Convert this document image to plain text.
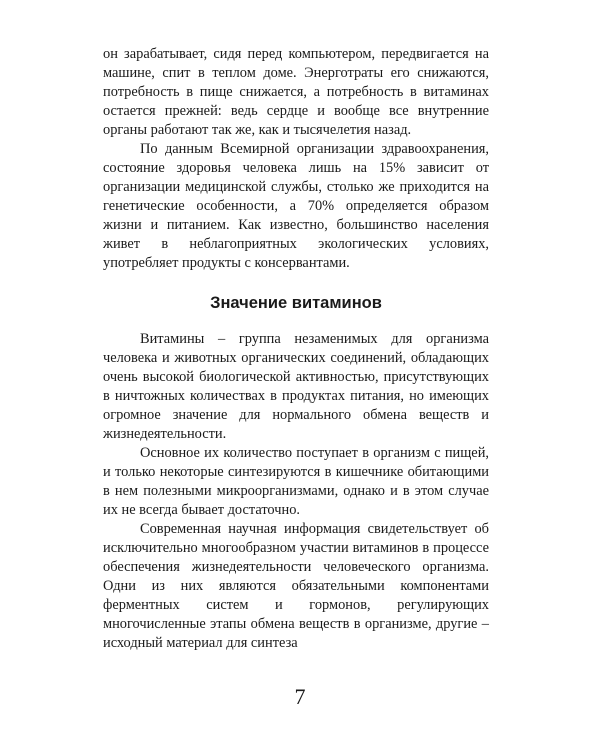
он зарабатывает, сидя перед компьютером, передвигается на машине, спит в теплом доме. Энерготраты его снижаются, потребность в пище снижается, а потребность в витаминах остается прежней: ведь сердце и вообще все внутренние органы работают так же, как и тысячелетия назад.

По данным Всемирной организации здравоохранения, состояние здоровья человека лишь на 15% зависит от организации медицинской службы, столько же приходится на генетические особенности, а 70% определяется образом жизни и питанием. Как известно, большинство населения живет в неблагоприятных экологических условиях, употребляет продукты с консервантами.

Значение витаминов

Витамины – группа незаменимых для организма человека и животных органических соединений, обладающих очень высокой биологической активностью, присутствующих в ничтожных количествах в продуктах питания, но имеющих огромное значение для нормального обмена веществ и жизнедеятельности.

Основное их количество поступает в организм с пищей, и только некоторые синтезируются в кишечнике обитающими в нем полезными микроорганизмами, однако и в этом случае их не всегда бывает достаточно.

Современная научная информация свидетельствует об исключительно многообразном участии витаминов в процессе обеспечения жизнедеятельности человеческого организма. Одни из них являются обязательными компонентами ферментных систем и гормонов, регулирующих многочисленные этапы обмена веществ в организме, другие – исходный материал для синтеза

7
